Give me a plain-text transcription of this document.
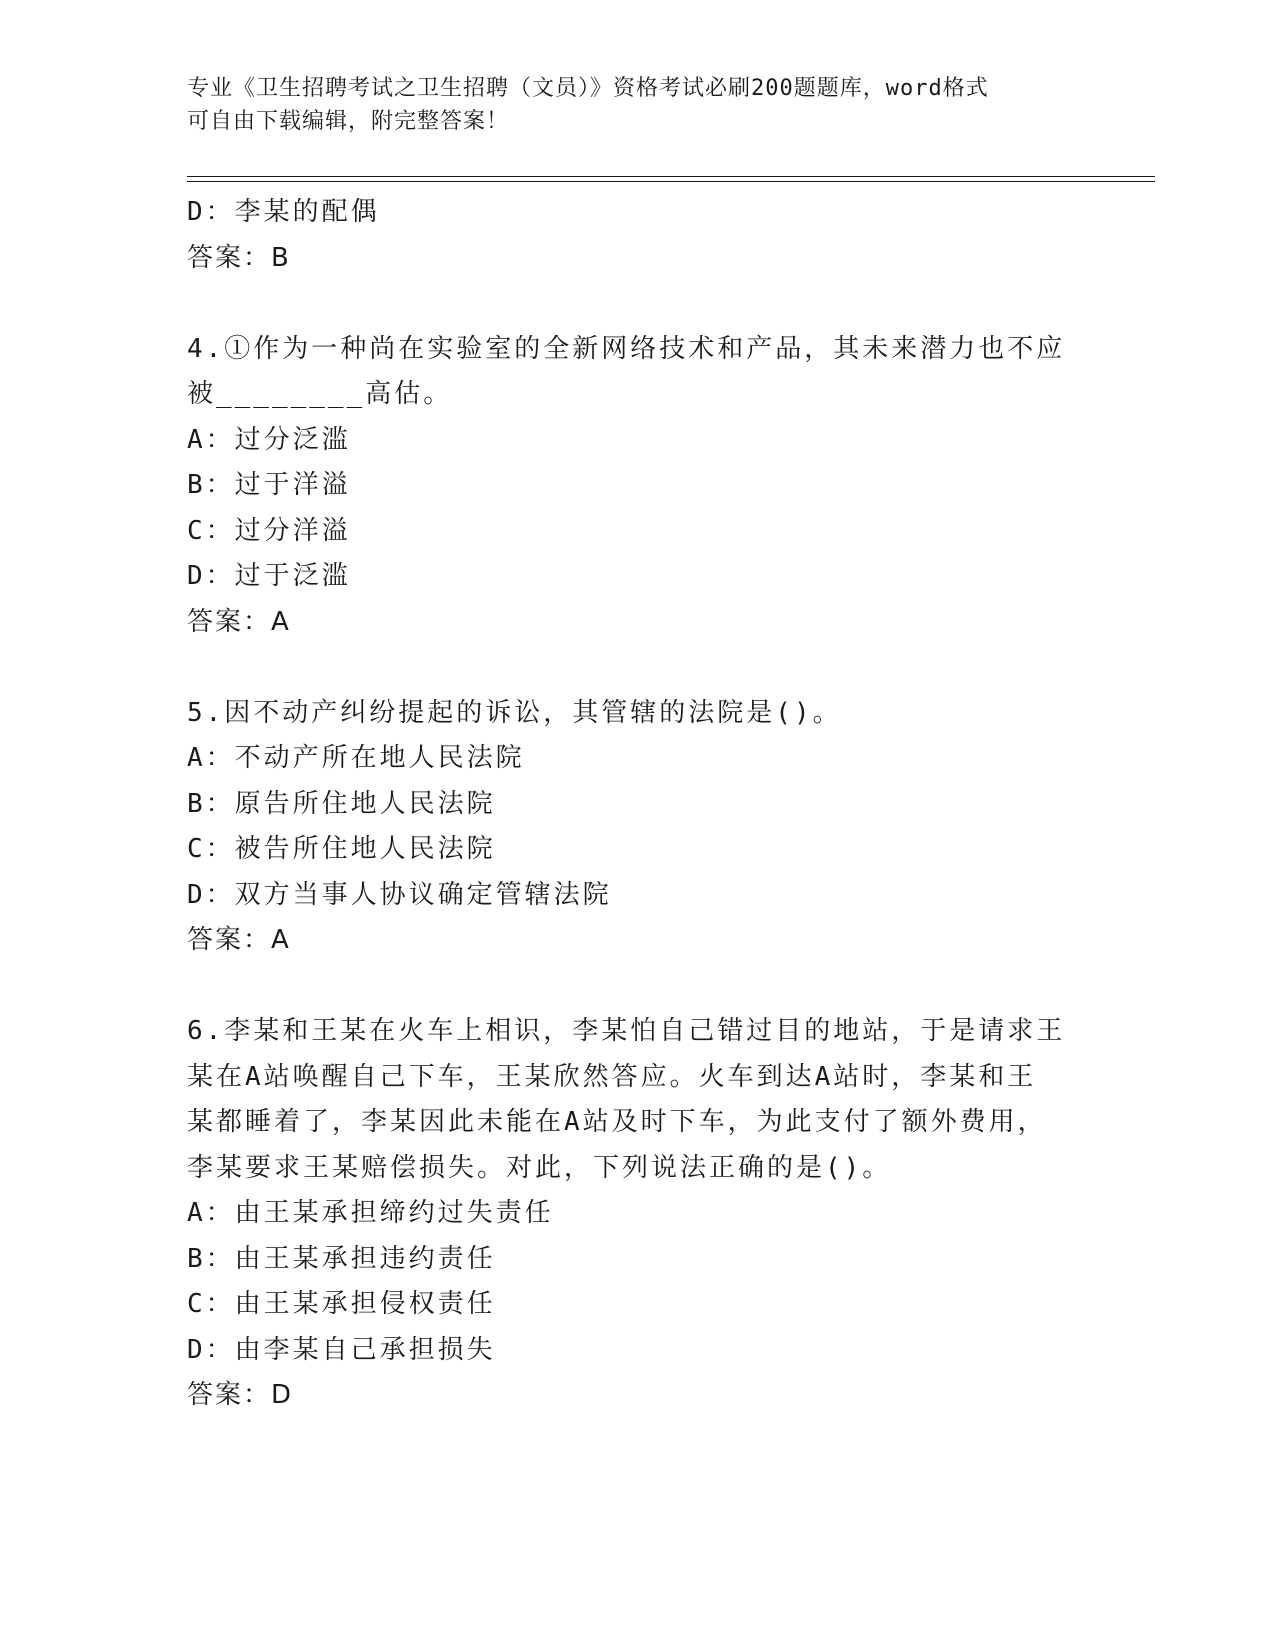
专业《卫生招聘考试之卫生招聘（文员）》资格考试必刷200题题库，word格式
可自由下载编辑，附完整答案！
D：李某的配偶
答案：B
4.①作为一种尚在实验室的全新网络技术和产品，其未来潜力也不应
被________高估。
A：过分泛滥
B：过于洋溢
C：过分洋溢
D：过于泛滥
答案：A
5.因不动产纠纷提起的诉讼，其管辖的法院是()。
A：不动产所在地人民法院
B：原告所住地人民法院
C：被告所住地人民法院
D：双方当事人协议确定管辖法院
答案：A
6.李某和王某在火车上相识，李某怕自己错过目的地站，于是请求王
某在A站唤醒自己下车，王某欣然答应。火车到达A站时，李某和王
某都睡着了，李某因此未能在A站及时下车，为此支付了额外费用，
李某要求王某赔偿损失。对此，下列说法正确的是()。
A：由王某承担缔约过失责任
B：由王某承担违约责任
C：由王某承担侵权责任
D：由李某自己承担损失
答案：D
